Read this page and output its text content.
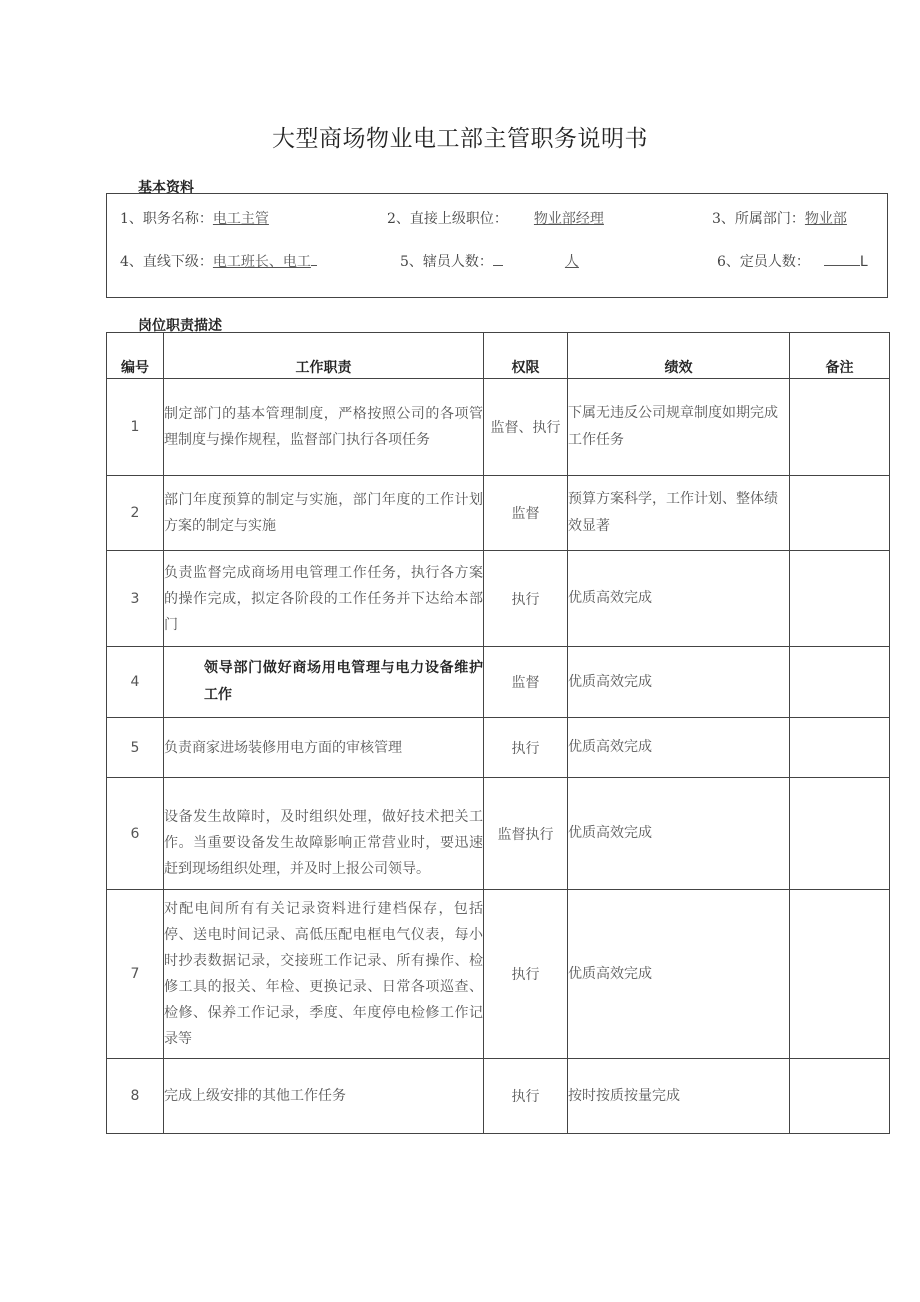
大型商场物业电工部主管职务说明书
基本资料
1、职务名称：电工主管	2、直接上级职位： 物业部经理	3、所属部门：物业部
4、直线下级：电工班长、电工	5、辖员人数：	人	6、定员人数：	L
岗位职责描述
编号	工作职责	权限	绩效	备注
1	制定部门的基本管理制度，严格按照公司的各项管理制度与操作规程，监督部门执行各项任务	监督、执行	下属无违反公司规章制度如期完成工作任务	
2	部门年度预算的制定与实施，部门年度的工作计划方案的制定与实施	监督	预算方案科学，工作计划、整体绩效显著	
3	负责监督完成商场用电管理工作任务，执行各方案的操作完成，拟定各阶段的工作任务并下达给本部门	执行	优质高效完成	
4	领导部门做好商场用电管理与电力设备维护工作	监督	优质高效完成	
5	负责商家进场装修用电方面的审核管理	执行	优质高效完成	
6	设备发生故障时，及时组织处理，做好技术把关工作。当重要设备发生故障影响正常营业时，要迅速赶到现场组织处理，并及时上报公司领导。	监督执行	优质高效完成	
7	对配电间所有有关记录资料进行建档保存，包括停、送电时间记录、高低压配电框电气仪表，每小时抄表数据记录，交接班工作记录、所有操作、检修工具的报关、年检、更换记录、日常各项巡查、检修、保养工作记录，季度、年度停电检修工作记录等	执行	优质高效完成	
8	完成上级安排的其他工作任务	执行	按时按质按量完成	
